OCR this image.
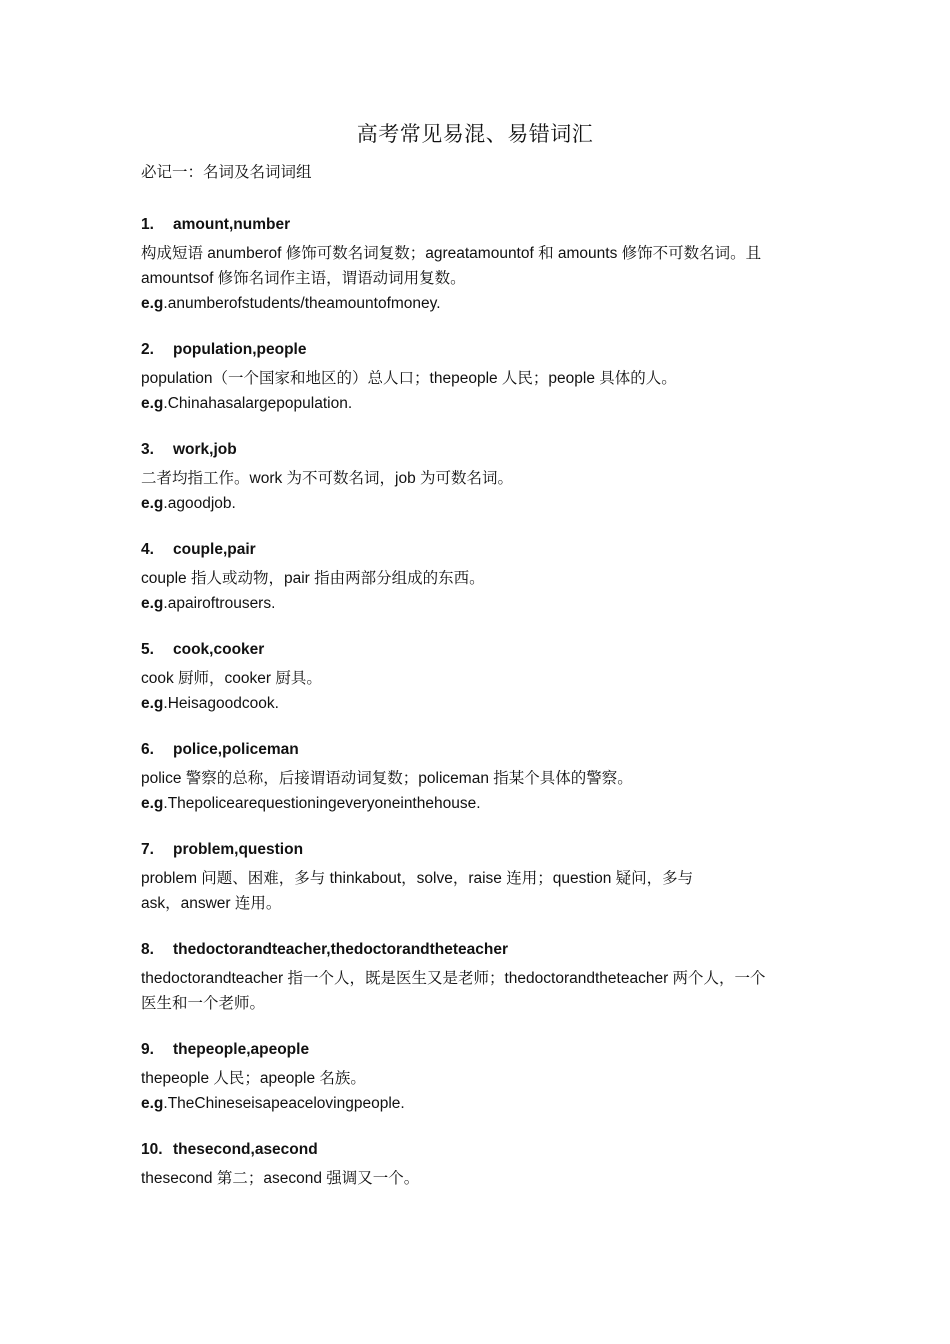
高考常见易混、易错词汇
必记一：名词及名词词组
1. amount,number
构成短语 anumberof 修饰可数名词复数；agreatamountof 和 amounts 修饰不可数名词。且
amountsof 修饰名词作主语，谓语动词用复数。
e.g.anumberofstudents/theamountofmoney.
2. population,people
population（一个国家和地区的）总人口；thepeople 人民；people 具体的人。
e.g.Chinahasalargepopulation.
3. work,job
二者均指工作。work 为不可数名词，job 为可数名词。
e.g.agoodjob.
4. couple,pair
couple 指人或动物，pair 指由两部分组成的东西。
e.g.apairoftrousers.
5. cook,cooker
cook 厨师，cooker 厨具。
e.g.Heisagoodcook.
6. police,policeman
police 警察的总称，后接谓语动词复数；policeman 指某个具体的警察。
e.g.Thepolicearequestioningeveryoneinthehouse.
7. problem,question
problem 问题、困难，多与 thinkabout，solve，raise 连用；question 疑问，多与
ask，answer 连用。
8. thedoctorandteacher,thedoctorandtheteacher
thedoctorandteacher 指一个人，既是医生又是老师；thedoctorandtheteacher 两个人，一个
医生和一个老师。
9. thepeople,apeople
thepeople 人民；apeople 名族。
e.g.TheChineseisapeacelovingpeople.
10. thesecond,asecond
thesecond 第二；asecond 强调又一个。
